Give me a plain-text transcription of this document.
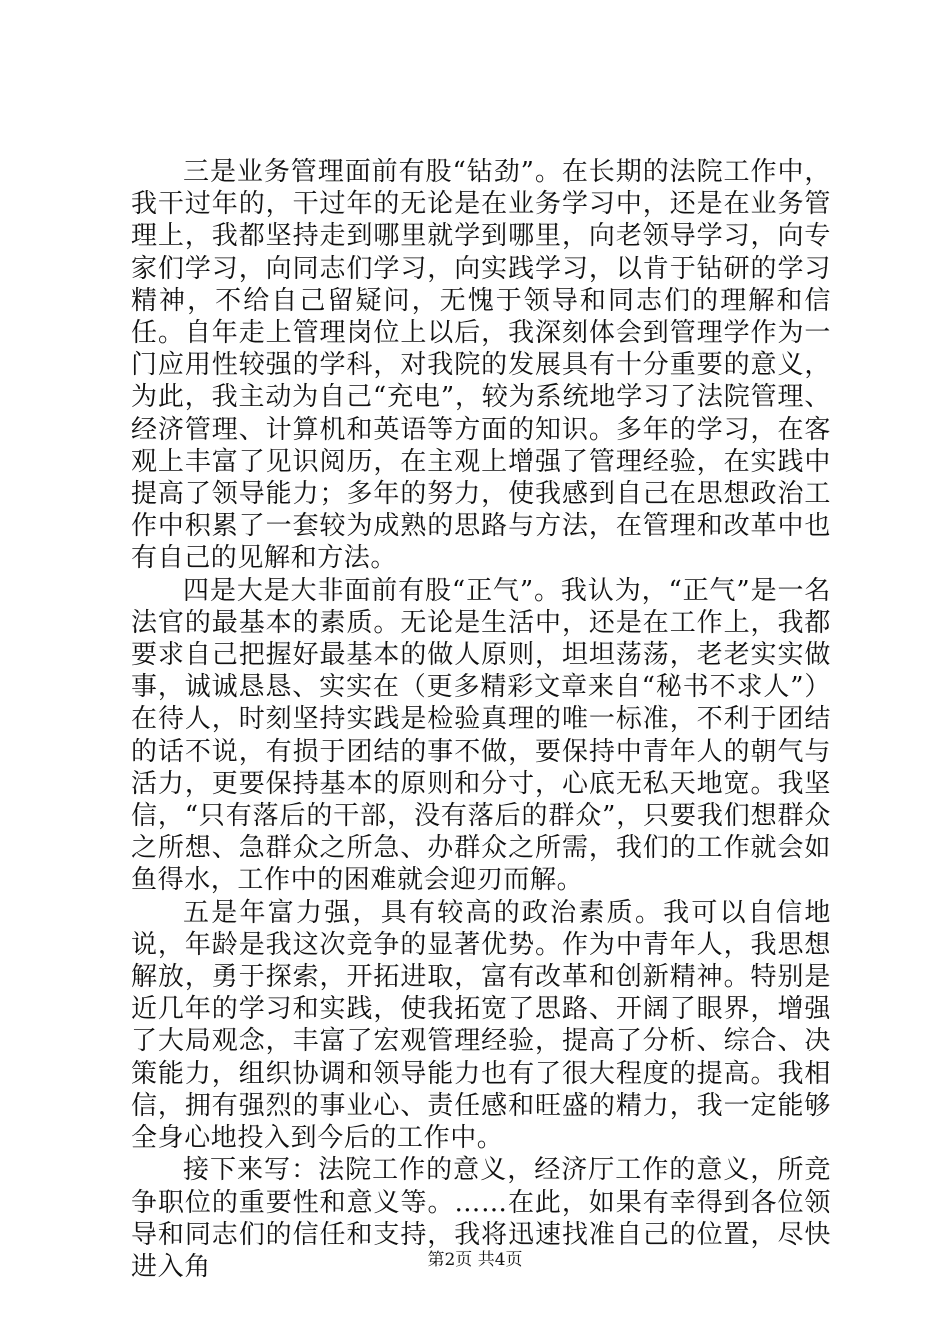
三是业务管理面前有股“钻劲”。在长期的法院工作中，我干过年的，干过年的无论是在业务学习中，还是在业务管理上，我都坚持走到哪里就学到哪里，向老领导学习，向专家们学习，向同志们学习，向实践学习，以肯于钻研的学习精神，不给自己留疑问，无愧于领导和同志们的理解和信任。自年走上管理岗位上以后，我深刻体会到管理学作为一门应用性较强的学科，对我院的发展具有十分重要的意义，为此，我主动为自己“充电”，较为系统地学习了法院管理、经济管理、计算机和英语等方面的知识。多年的学习，在客观上丰富了见识阅历，在主观上增强了管理经验，在实践中提高了领导能力；多年的努力，使我感到自己在思想政治工作中积累了一套较为成熟的思路与方法，在管理和改革中也有自己的见解和方法。

四是大是大非面前有股“正气”。我认为，“正气”是一名法官的最基本的素质。无论是生活中，还是在工作上，我都要求自己把握好最基本的做人原则，坦坦荡荡，老老实实做事，诚诚恳恳、实实在（更多精彩文章来自“秘书不求人”）在待人，时刻坚持实践是检验真理的唯一标准，不利于团结的话不说，有损于团结的事不做，要保持中青年人的朝气与活力，更要保持基本的原则和分寸，心底无私天地宽。我坚信，“只有落后的干部，没有落后的群众”，只要我们想群众之所想、急群众之所急、办群众之所需，我们的工作就会如鱼得水，工作中的困难就会迎刃而解。

五是年富力强，具有较高的政治素质。我可以自信地说，年龄是我这次竞争的显著优势。作为中青年人，我思想解放，勇于探索，开拓进取，富有改革和创新精神。特别是近几年的学习和实践，使我拓宽了思路、开阔了眼界，增强了大局观念，丰富了宏观管理经验，提高了分析、综合、决策能力，组织协调和领导能力也有了很大程度的提高。我相信，拥有强烈的事业心、责任感和旺盛的精力，我一定能够全身心地投入到今后的工作中。

接下来写：法院工作的意义，经济厅工作的意义，所竞争职位的重要性和意义等。……在此，如果有幸得到各位领导和同志们的信任和支持，我将迅速找准自己的位置，尽快进入角	第2页 共4页
